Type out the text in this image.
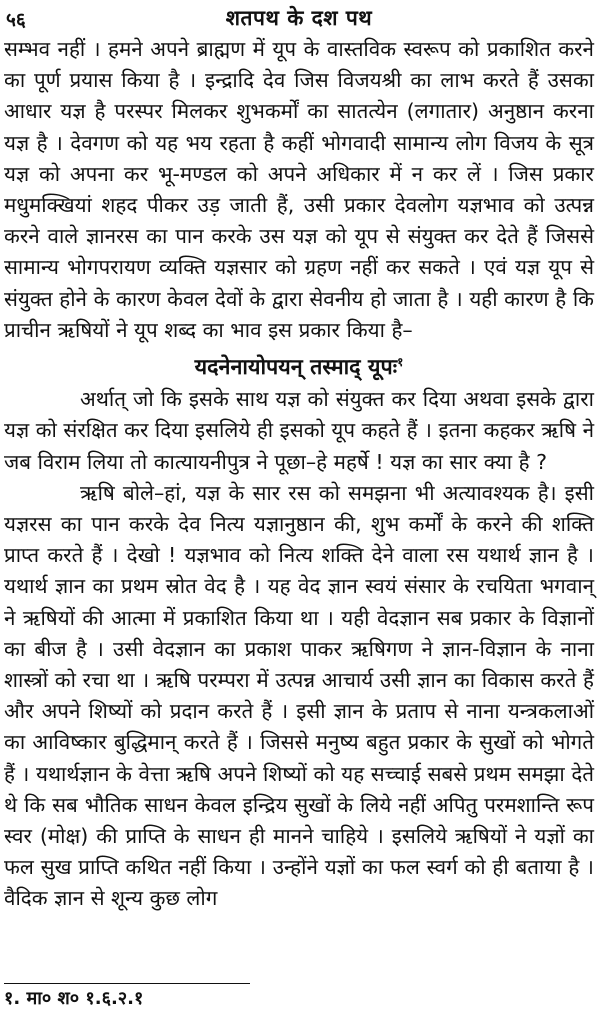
५६	शतपथ के दश पथ

सम्भव नहीं । हमने अपने ब्राह्मण में यूप के वास्तविक स्वरूप को प्रकाशित करने का पूर्ण प्रयास किया है । इन्द्रादि देव जिस विजयश्री का लाभ करते हैं उसका आधार यज्ञ है परस्पर मिलकर शुभकर्मों का सातत्येन (लगातार) अनुष्ठान करना यज्ञ है । देवगण को यह भय रहता है कहीं भोगवादी सामान्य लोग विजय के सूत्र यज्ञ को अपना कर भू-मण्डल को अपने अधिकार में न कर लें । जिस प्रकार मधुमक्खियां शहद पीकर उड़ जाती हैं, उसी प्रकार देवलोग यज्ञभाव को उत्पन्न करने वाले ज्ञानरस का पान करके उस यज्ञ को यूप से संयुक्त कर देते हैं जिससे सामान्य भोगपरायण व्यक्ति यज्ञसार को ग्रहण नहीं कर सकते । एवं यज्ञ यूप से संयुक्त होने के कारण केवल देवों के द्वारा सेवनीय हो जाता है । यही कारण है कि प्राचीन ऋषियों ने यूप शब्द का भाव इस प्रकार किया है–

यदनेनायोपयन् तस्माद् यूपः$^१$

अर्थात् जो कि इसके साथ यज्ञ को संयुक्त कर दिया अथवा इसके द्वारा यज्ञ को संरक्षित कर दिया इसलिये ही इसको यूप कहते हैं । इतना कहकर ऋषि ने जब विराम लिया तो कात्यायनीपुत्र ने पूछा–हे महर्षे ! यज्ञ का सार क्या है ?

ऋषि बोले–हां, यज्ञ के सार रस को समझना भी अत्यावश्यक है। इसी यज्ञरस का पान करके देव नित्य यज्ञानुष्ठान की, शुभ कर्मों के करने की शक्ति प्राप्त करते हैं । देखो ! यज्ञभाव को नित्य शक्ति देने वाला रस यथार्थ ज्ञान है । यथार्थ ज्ञान का प्रथम स्रोत वेद है । यह वेद ज्ञान स्वयं संसार के रचयिता भगवान् ने ऋषियों की आत्मा में प्रकाशित किया था । यही वेदज्ञान सब प्रकार के विज्ञानों का बीज है । उसी वेदज्ञान का प्रकाश पाकर ऋषिगण ने ज्ञान-विज्ञान के नाना शास्त्रों को रचा था । ऋषि परम्परा में उत्पन्न आचार्य उसी ज्ञान का विकास करते हैं और अपने शिष्यों को प्रदान करते हैं । इसी ज्ञान के प्रताप से नाना यन्त्रकलाओं का आविष्कार बुद्धिमान् करते हैं । जिससे मनुष्य बहुत प्रकार के सुखों को भोगते हैं । यथार्थज्ञान के वेत्ता ऋषि अपने शिष्यों को यह सच्चाई सबसे प्रथम समझा देते थे कि सब भौतिक साधन केवल इन्द्रिय सुखों के लिये नहीं अपितु परमशान्ति रूप स्वर (मोक्ष) की प्राप्ति के साधन ही मानने चाहिये । इसलिये ऋषियों ने यज्ञों का फल सुख प्राप्ति कथित नहीं किया । उन्होंने यज्ञों का फल स्वर्ग को ही बताया है । वैदिक ज्ञान से शून्य कुछ लोग

१. मा० श० १.६.२.१
